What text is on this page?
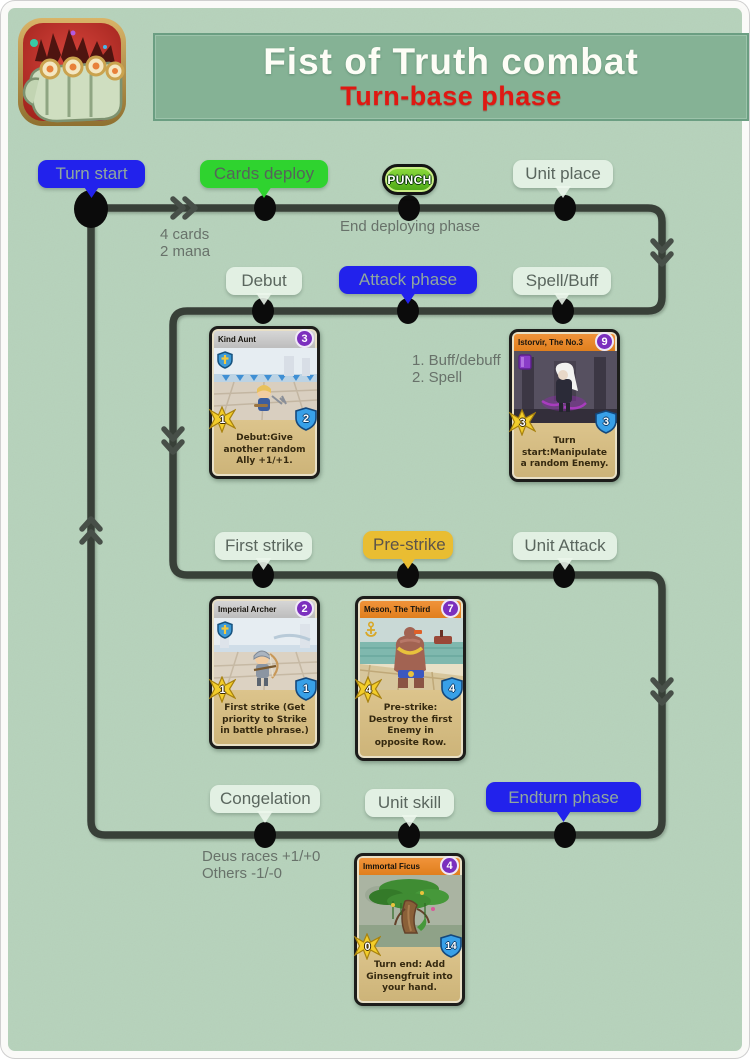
Fist of Truth combat
Turn-base phase
Turn start	Cards deploy	Unit place
PUNCH
Debut	Attack phase	Spell/Buff
First strike	Pre-strike	Unit Attack
Congelation	Unit skill	Endturn phase
4 cards
2 mana
End deploying phase
1. Buff/debuff
2. Spell
Deus races +1/+0
Others -1/-0
Kind Aunt	3
1	2
Debut:Give another random Ally +1/+1.
Istorvir, The No.3	9
3	3
Turn start:Manipulate a random Enemy.
Imperial Archer	2
1	1
First strike (Get priority to Strike in battle phrase.)
Meson, The Third	7
4	4
Pre-strike: Destroy the first Enemy in opposite Row.
Immortal Ficus	4
0	14
Turn end: Add Ginsengfruit into your hand.
